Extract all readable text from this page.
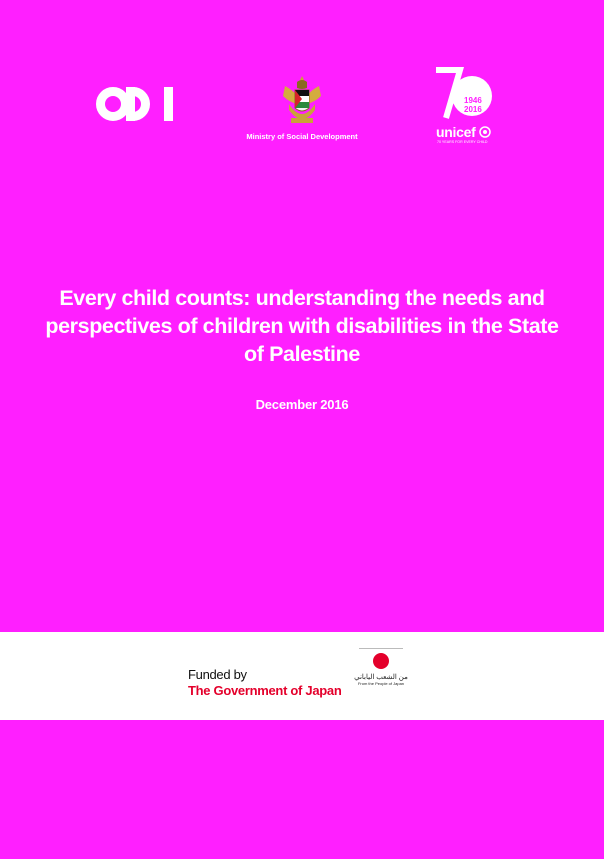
Ministry of Social Development
1946
2016
unicef
70 YEARS FOR EVERY CHILD
Every child counts: understanding the needs and perspectives of children with disabilities in the State of Palestine
December 2016
Funded by
The Government of Japan
من الشعب الياباني
From the People of Japan
